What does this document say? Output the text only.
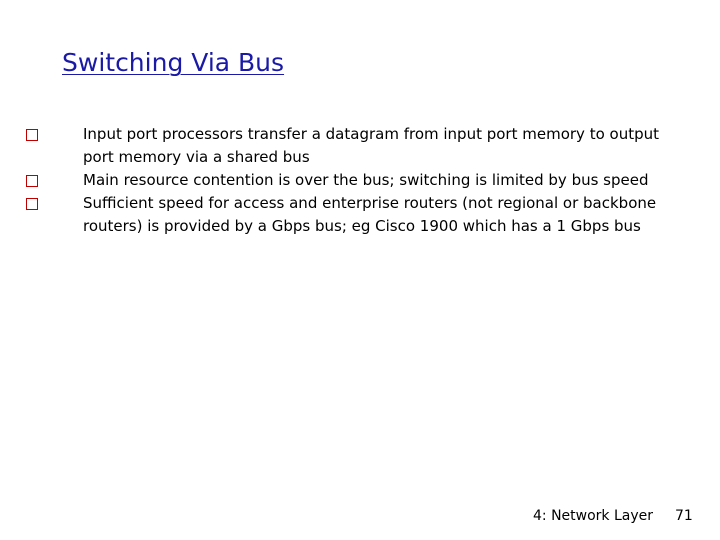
Switching Via Bus
Input port processors transfer a datagram from input port memory to output port memory via a shared bus
Main resource contention is over the bus; switching is limited by bus speed
Sufficient speed for access and enterprise routers (not regional or backbone routers) is provided by a Gbps bus; eg Cisco 1900 which has a 1 Gbps bus
4: Network Layer 71
